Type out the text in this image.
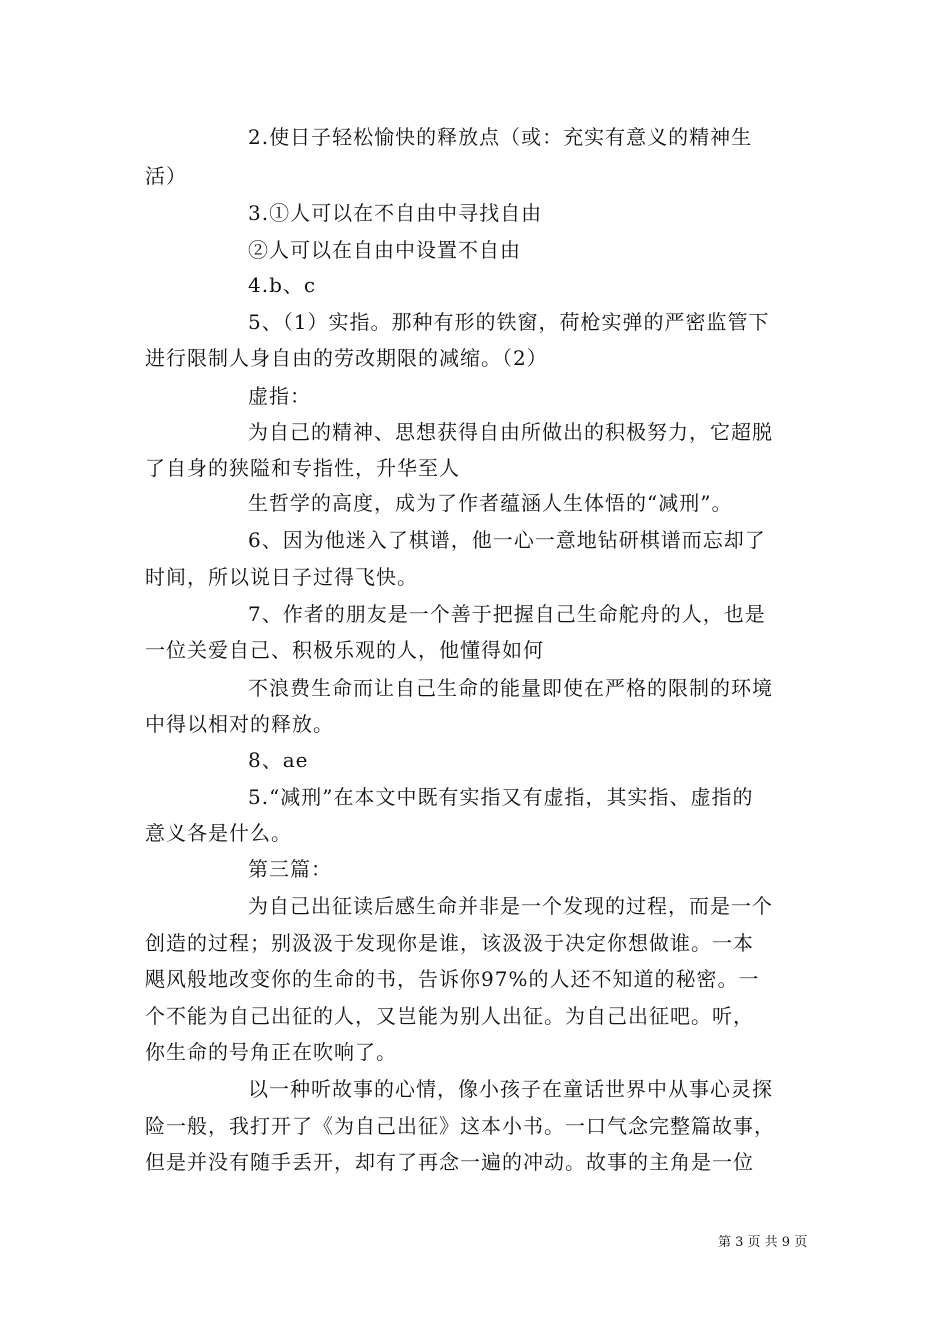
2.使日子轻松愉快的释放点（或：充实有意义的精神生
活）
3.①人可以在不自由中寻找自由
②人可以在自由中设置不自由
4.b、c
5、（1）实指。那种有形的铁窗，荷枪实弹的严密监管下
进行限制人身自由的劳改期限的减缩。（2）
虚指：
为自己的精神、思想获得自由所做出的积极努力，它超脱
了自身的狭隘和专指性，升华至人
生哲学的高度，成为了作者蕴涵人生体悟的“减刑”。
6、因为他迷入了棋谱，他一心一意地钻研棋谱而忘却了
时间，所以说日子过得飞快。
7、作者的朋友是一个善于把握自己生命舵舟的人，也是
一位关爱自己、积极乐观的人，他懂得如何
不浪费生命而让自己生命的能量即使在严格的限制的环境
中得以相对的释放。
8、ae
5.“减刑”在本文中既有实指又有虚指，其实指、虚指的
意义各是什么。
第三篇：
为自己出征读后感生命并非是一个发现的过程，而是一个
创造的过程；别汲汲于发现你是谁，该汲汲于决定你想做谁。一本
飓风般地改变你的生命的书，告诉你97%的人还不知道的秘密。一
个不能为自己出征的人，又岂能为别人出征。为自己出征吧。听，
你生命的号角正在吹响了。
以一种听故事的心情，像小孩子在童话世界中从事心灵探
险一般，我打开了《为自己出征》这本小书。一口气念完整篇故事，
但是并没有随手丢开，却有了再念一遍的冲动。故事的主角是一位
第 3 页 共 9 页
